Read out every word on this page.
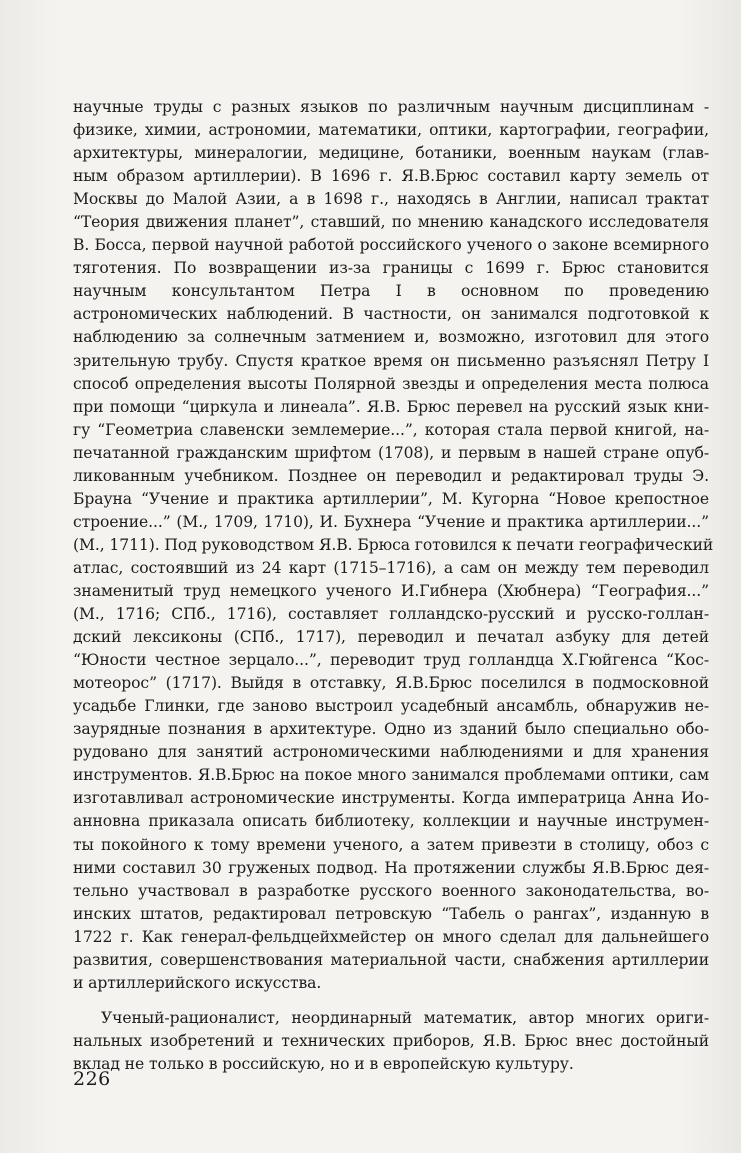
научные труды с разных языков по различным научным дисциплинам -
физике, химии, астрономии, математики, оптики, картографии, географии,
архитектуры, минералогии, медицине, ботаники, военным наукам (глав-
ным образом артиллерии). В 1696 г. Я.В.Брюс составил карту земель от
Москвы до Малой Азии, а в 1698 г., находясь в Англии, написал трактат
“Теория движения планет”, ставший, по мнению канадского исследователя
В. Босса, первой научной работой российского ученого о законе всемирного
тяготения. По возвращении из-за границы с 1699 г. Брюс становится
научным консультантом Петра I в основном по проведению
астрономических наблюдений. В частности, он занимался подготовкой к
наблюдению за солнечным затмением и, возможно, изготовил для этого
зрительную трубу. Спустя краткое время он письменно разъяснял Петру I
способ определения высоты Полярной звезды и определения места полюса
при помощи “циркула и линеала”. Я.В. Брюс перевел на русский язык кни-
гу “Геометриа славенски землемерие...”, которая стала первой книгой, на-
печатанной гражданским шрифтом (1708), и первым в нашей стране опуб-
ликованным учебником. Позднее он переводил и редактировал труды Э.
Брауна “Учение и практика артиллерии”, М. Кугорна “Новое крепостное
строение...” (М., 1709, 1710), И. Бухнера “Учение и практика артиллерии...”
(М., 1711). Под руководством Я.В. Брюса готовился к печати географический
атлас, состоявший из 24 карт (1715–1716), а сам он между тем переводил
знаменитый труд немецкого ученого И.Гибнера (Хюбнера) “География...”
(М., 1716; СПб., 1716), составляет голландско-русский и русско-голлан-
дский лексиконы (СПб., 1717), переводил и печатал азбуку для детей
“Юности честное зерцало...”, переводит труд голландца Х.Гюйгенса “Кос-
мотеорос” (1717). Выйдя в отставку, Я.В.Брюс поселился в подмосковной
усадьбе Глинки, где заново выстроил усадебный ансамбль, обнаружив не-
заурядные познания в архитектуре. Одно из зданий было специально обо-
рудовано для занятий астрономическими наблюдениями и для хранения
инструментов. Я.В.Брюс на покое много занимался проблемами оптики, сам
изготавливал астрономические инструменты. Когда императрица Анна Ио-
анновна приказала описать библиотеку, коллекции и научные инструмен-
ты покойного к тому времени ученого, а затем привезти в столицу, обоз с
ними составил 30 груженых подвод. На протяжении службы Я.В.Брюс дея-
тельно участвовал в разработке русского военного законодательства, во-
инских штатов, редактировал петровскую “Табель о рангах”, изданную в
1722 г. Как генерал-фельдцейхмейстер он много сделал для дальнейшего
развития, совершенствования материальной части, снабжения артиллерии
и артиллерийского искусства.
Ученый-рационалист, неординарный математик, автор многих ориги-
нальных изобретений и технических приборов, Я.В. Брюс внес достойный
вклад не только в российскую, но и в европейскую культуру.
226
